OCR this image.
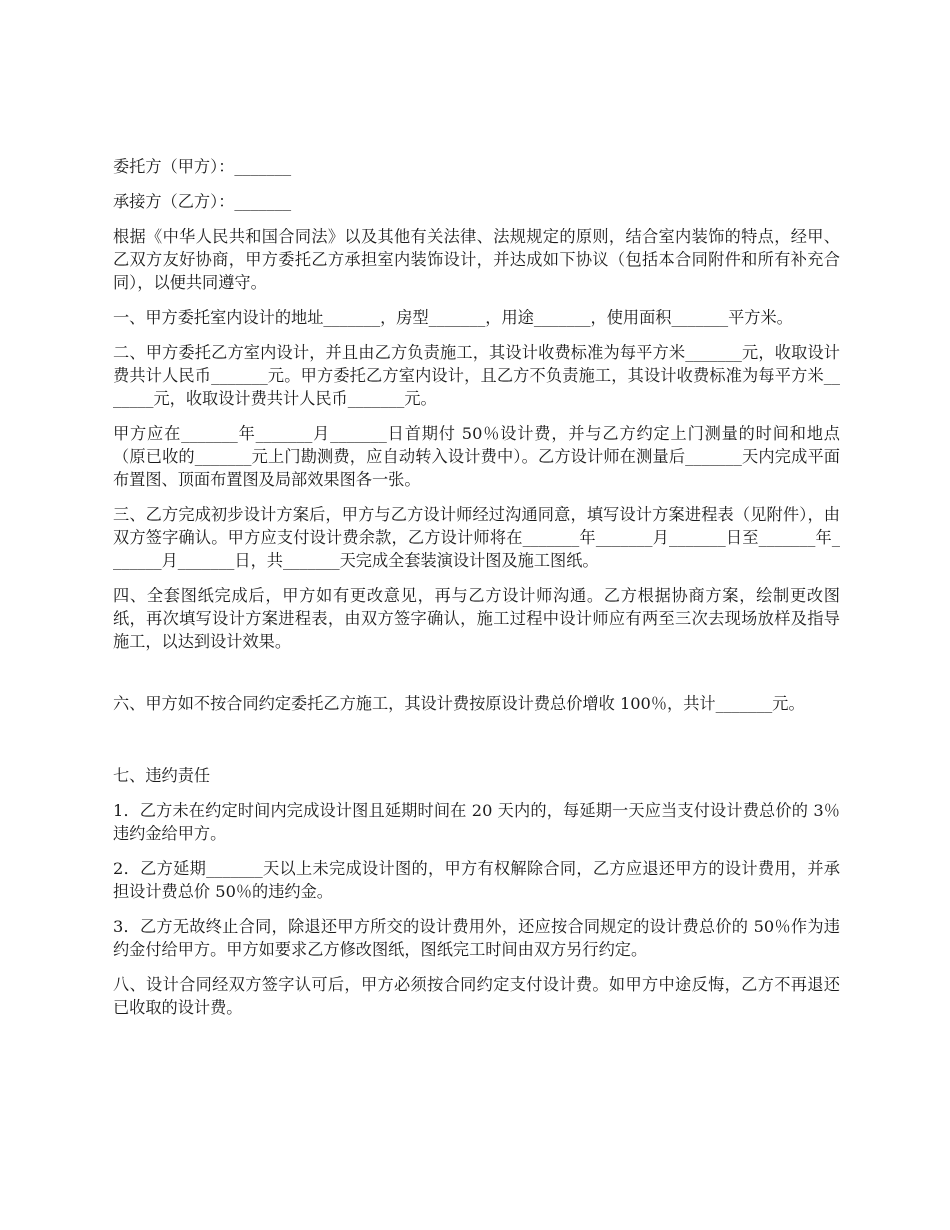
委托方（甲方）：_______

承接方（乙方）：_______

根据《中华人民共和国合同法》以及其他有关法律、法规规定的原则，结合室内装饰的特点，经甲、乙双方友好协商，甲方委托乙方承担室内装饰设计，并达成如下协议（包括本合同附件和所有补充合同），以便共同遵守。

一、甲方委托室内设计的地址_______，房型_______，用途_______，使用面积_______平方米。

二、甲方委托乙方室内设计，并且由乙方负责施工，其设计收费标准为每平方米_______元，收取设计费共计人民币_______元。甲方委托乙方室内设计，且乙方不负责施工，其设计收费标准为每平方米_______元，收取设计费共计人民币_______元。

甲方应在_______年_______月_______日首期付 50％设计费，并与乙方约定上门测量的时间和地点（原已收的_______元上门勘测费，应自动转入设计费中）。乙方设计师在测量后_______天内完成平面布置图、顶面布置图及局部效果图各一张。

三、乙方完成初步设计方案后，甲方与乙方设计师经过沟通同意，填写设计方案进程表（见附件），由双方签字确认。甲方应支付设计费余款，乙方设计师将在_______年_______月_______日至_______年_______月_______日，共_______天完成全套装演设计图及施工图纸。

四、全套图纸完成后，甲方如有更改意见，再与乙方设计师沟通。乙方根据协商方案，绘制更改图纸，再次填写设计方案进程表，由双方签字确认，施工过程中设计师应有两至三次去现场放样及指导施工，以达到设计效果。

六、甲方如不按合同约定委托乙方施工，其设计费按原设计费总价增收 100％，共计_______元。

七、违约责任

1．乙方未在约定时间内完成设计图且延期时间在 20 天内的，每延期一天应当支付设计费总价的 3％违约金给甲方。

2．乙方延期_______天以上未完成设计图的，甲方有权解除合同，乙方应退还甲方的设计费用，并承担设计费总价 50％的违约金。

3．乙方无故终止合同，除退还甲方所交的设计费用外，还应按合同规定的设计费总价的 50％作为违约金付给甲方。甲方如要求乙方修改图纸，图纸完工时间由双方另行约定。

八、设计合同经双方签字认可后，甲方必须按合同约定支付设计费。如甲方中途反悔，乙方不再退还已收取的设计费。
